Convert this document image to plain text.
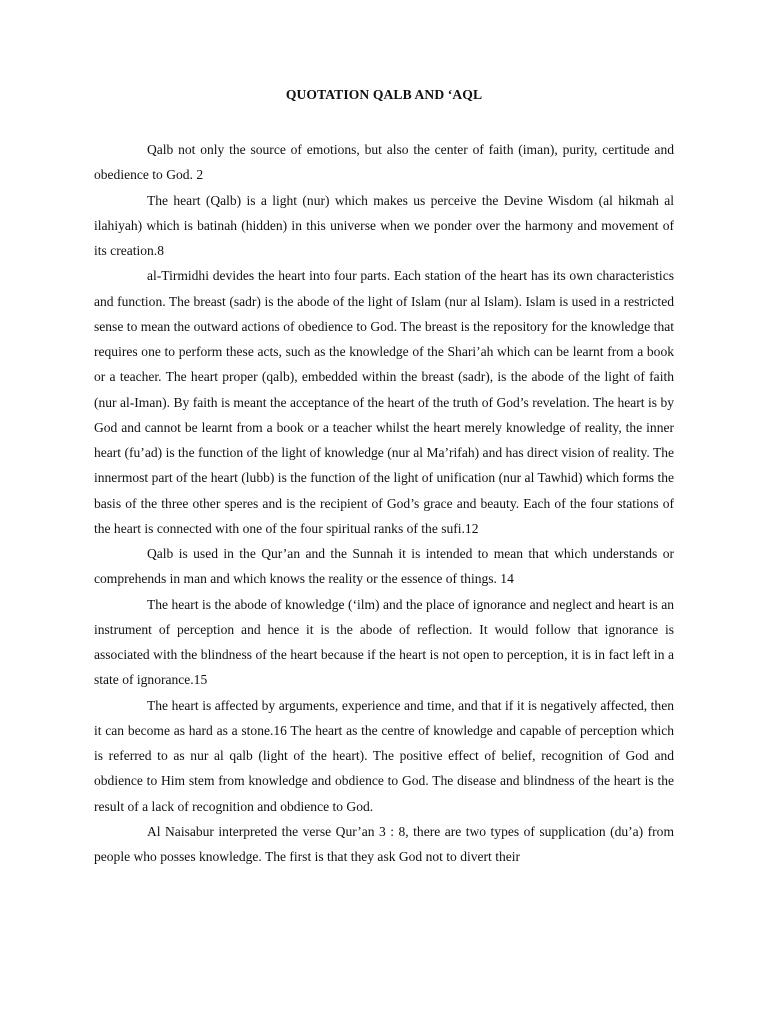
QUOTATION QALB AND ‘AQL

Qalb not only the source of emotions, but also the center of faith (iman), purity, certitude and obedience to God. 2

The heart (Qalb) is a light (nur) which makes us perceive the Devine Wisdom (al hikmah al ilahiyah) which is batinah (hidden) in this universe when we ponder over the harmony and movement of its creation.8

al-Tirmidhi devides the heart into four parts. Each station of the heart has its own characteristics and function. The breast (sadr) is the abode of the light of Islam (nur al Islam). Islam is used in a restricted sense to mean the outward actions of obedience to God. The breast is the repository for the knowledge that requires one to perform these acts, such as the knowledge of the Shari’ah which can be learnt from a book or a teacher. The heart proper (qalb), embedded within the breast (sadr), is the abode of the light of faith (nur al-Iman). By faith is meant the acceptance of the heart of the truth of God’s revelation. The heart is by God and cannot be learnt from a book or a teacher whilst the heart merely knowledge of reality, the inner heart (fu’ad) is the function of the light of knowledge (nur al Ma’rifah) and has direct vision of reality. The innermost part of the heart (lubb) is the function of the light of unification (nur al Tawhid) which forms the basis of the three other speres and is the recipient of God’s grace and beauty. Each of the four stations of the heart is connected with one of the four spiritual ranks of the sufi.12

Qalb is used in the Qur’an and the Sunnah it is intended to mean that which understands or comprehends in man and which knows the reality or the essence of things. 14

The heart is the abode of knowledge (‘ilm) and the place of ignorance and neglect and heart is an instrument of perception and hence it is the abode of reflection. It would follow that ignorance is associated with the blindness of the heart because if the heart is not open to perception, it is in fact left in a state of ignorance.15

The heart is affected by arguments, experience and time, and that if it is negatively affected, then it can become as hard as a stone.16 The heart as the centre of knowledge and capable of perception which is referred to as nur al qalb (light of the heart). The positive effect of belief, recognition of God and obdience to Him stem from knowledge and obdience to God. The disease and blindness of the heart is the result of a lack of recognition and obdience to God.

Al Naisabur interpreted the verse Qur’an 3 : 8, there are two types of supplication (du’a) from people who posses knowledge. The first is that they ask God not to divert their
